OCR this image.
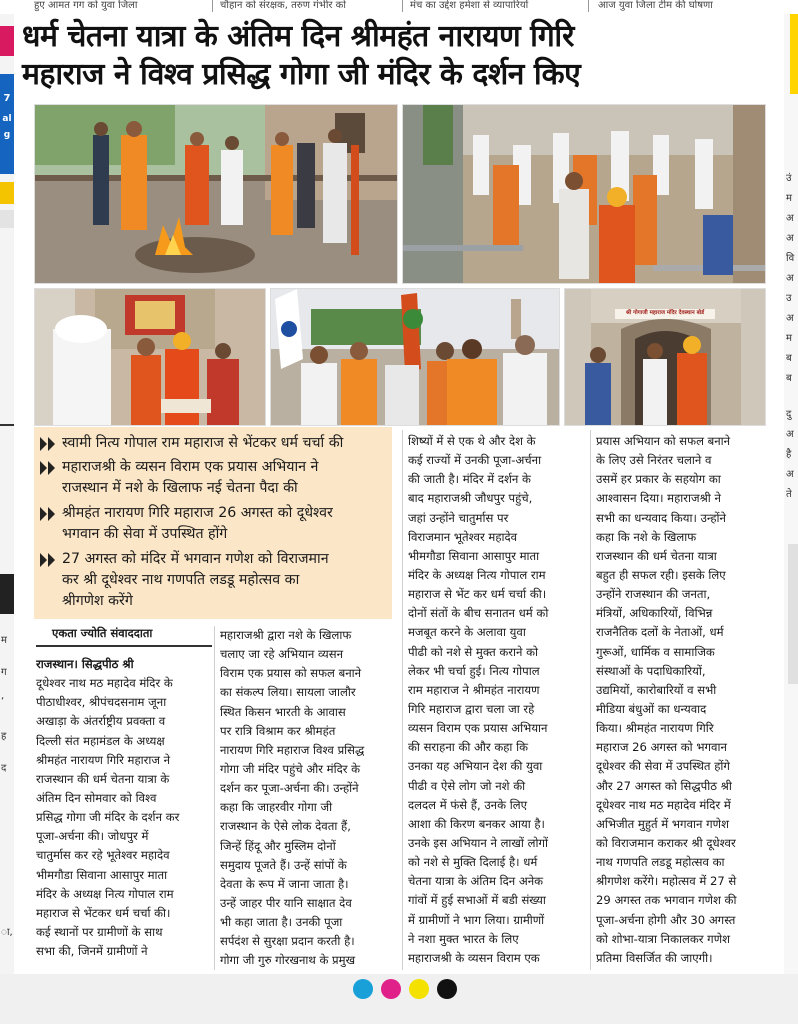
हुए आमत गग को युवा जिला	चौहान को संरक्षक, तरुण गंभीर को	मंच का उद्देश हमेशा से व्यापारियों	आज युवा जिला टीम की घोषणा
7
al
g
म
ग
‘
ह
द
ा,
उं
म
अ
अ
वि
अ
उ
अ
म
ब
ब
दु
अ
है
अ
ते
धर्म चेतना यात्रा के अंतिम दिन श्रीमहंत नारायण गिरि
महाराज ने विश्व प्रसिद्ध गोगा जी मंदिर के दर्शन किए
श्री गोगाजी महाराज मंदिर देवस्थान बोर्ड
स्वामी नित्य गोपाल राम महाराज से भेंटकर धर्म चर्चा की
महाराजश्री के व्यसन विराम एक प्रयास अभियान ने
राजस्थान में नशे के खिलाफ नई चेतना पैदा की
श्रीमहंत नारायण गिरि महाराज 26 अगस्त को दूधेश्वर
भगवान की सेवा में उपस्थित होंगे
27 अगस्त को मंदिर में भगवान गणेश को विराजमान
कर श्री दूधेश्वर नाथ गणपति लडडू महोत्सव का
श्रीगणेश करेंगे
एकता ज्योति संवाददाता
राजस्थान। सिद्धपीठ श्री
दूधेश्वर नाथ मठ महादेव मंदिर के
पीठाधीश्वर, श्रीपंचदसनाम जूना
अखाड़ा के अंतर्राष्ट्रीय प्रवक्ता व
दिल्ली संत महामंडल के अध्यक्ष
श्रीमहंत नारायण गिरि महाराज ने
राजस्थान की धर्म चेतना यात्रा के
अंतिम दिन सोमवार को विश्व
प्रसिद्ध गोगा जी मंदिर के दर्शन कर
पूजा-अर्चना की। जोधपुर में
चातुर्मास कर रहे भूतेश्वर महादेव
भीमगौडा सिवाना आसापुर माता
मंदिर के अध्यक्ष नित्य गोपाल राम
महाराज से भेंटकर धर्म चर्चा की।
कई स्थानों पर ग्रामीणों के साथ
सभा की, जिनमें ग्रामीणों ने
महाराजश्री द्वारा नशे के खिलाफ
चलाए जा रहे अभियान व्यसन
विराम एक प्रयास को सफल बनाने
का संकल्प लिया। सायला जालौर
स्थित किसन भारती के आवास
पर रात्रि विश्राम कर श्रीमहंत
नारायण गिरि महाराज विश्व प्रसिद्ध
गोगा जी मंदिर पहुंचे और मंदिर के
दर्शन कर पूजा-अर्चना की। उन्होंने
कहा कि जाहरवीर गोगा जी
राजस्थान के ऐसे लोक देवता हैं,
जिन्हें हिंदू और मुस्लिम दोनों
समुदाय पूजते हैं। उन्हें सांपों के
देवता के रूप में जाना जाता है।
उन्हें जाहर पीर यानि साक्षात देव
भी कहा जाता है। उनकी पूजा
सर्पदंश से सुरक्षा प्रदान करती है।
गोगा जी गुरु गोरखनाथ के प्रमुख
शिष्यों में से एक थे और देश के
कई राज्यों में उनकी पूजा-अर्चना
की जाती है। मंदिर में दर्शन के
बाद महाराजश्री जौधपुर पहुंचे,
जहां उन्होंने चातुर्मास पर
विराजमान भूतेश्वर महादेव
भीमगौडा सिवाना आसापुर माता
मंदिर के अध्यक्ष नित्य गोपाल राम
महाराज से भेंट कर धर्म चर्चा की।
दोनों संतों के बीच सनातन धर्म को
मजबूत करने के अलावा युवा
पीढी को नशे से मुक्त कराने को
लेकर भी चर्चा हुई। नित्य गोपाल
राम महाराज ने श्रीमहंत नारायण
गिरि महाराज द्वारा चला जा रहे
व्यसन विराम एक प्रयास अभियान
की सराहना की और कहा कि
उनका यह अभियान देश की युवा
पीढी व ऐसे लोग जो नशे की
दलदल में फंसे हैं, उनके लिए
आशा की किरण बनकर आया है।
उनके इस अभियान ने लाखों लोगों
को नशे से मुक्ति दिलाई है। धर्म
चेतना यात्रा के अंतिम दिन अनेक
गांवों में हुई सभाओं में बडी संख्या
में ग्रामीणों ने भाग लिया। ग्रामीणों
ने नशा मुक्त भारत के लिए
महाराजश्री के व्यसन विराम एक
प्रयास अभियान को सफल बनाने
के लिए उसे निरंतर चलाने व
उसमें हर प्रकार के सहयोग का
आश्वासन दिया। महाराजश्री ने
सभी का धन्यवाद किया। उन्होंने
कहा कि नशे के खिलाफ
राजस्थान की धर्म चेतना यात्रा
बहुत ही सफल रही। इसके लिए
उन्होंने राजस्थान की जनता,
मंत्रियों, अधिकारियों, विभिन्न
राजनैतिक दलों के नेताओं, धर्म
गुरूओं, धार्मिक व सामाजिक
संस्थाओं के पदाधिकारियों,
उद्यमियों, कारोबारियों व सभी
मीडिया बंधुओं का धन्यवाद
किया। श्रीमहंत नारायण गिरि
महाराज 26 अगस्त को भगवान
दूधेश्वर की सेवा में उपस्थित होंगे
और 27 अगस्त को सिद्धपीठ श्री
दूधेश्वर नाथ मठ महादेव मंदिर में
अभिजीत मुहुर्त में भगवान गणेश
को विराजमान कराकर श्री दूधेश्वर
नाथ गणपति लडडू महोत्सव का
श्रीगणेश करेंगे। महोत्सव में 27 से
29 अगस्त तक भगवान गणेश की
पूजा-अर्चना होगी और 30 अगस्त
को शोभा-यात्रा निकालकर गणेश
प्रतिमा विसर्जित की जाएगी।
